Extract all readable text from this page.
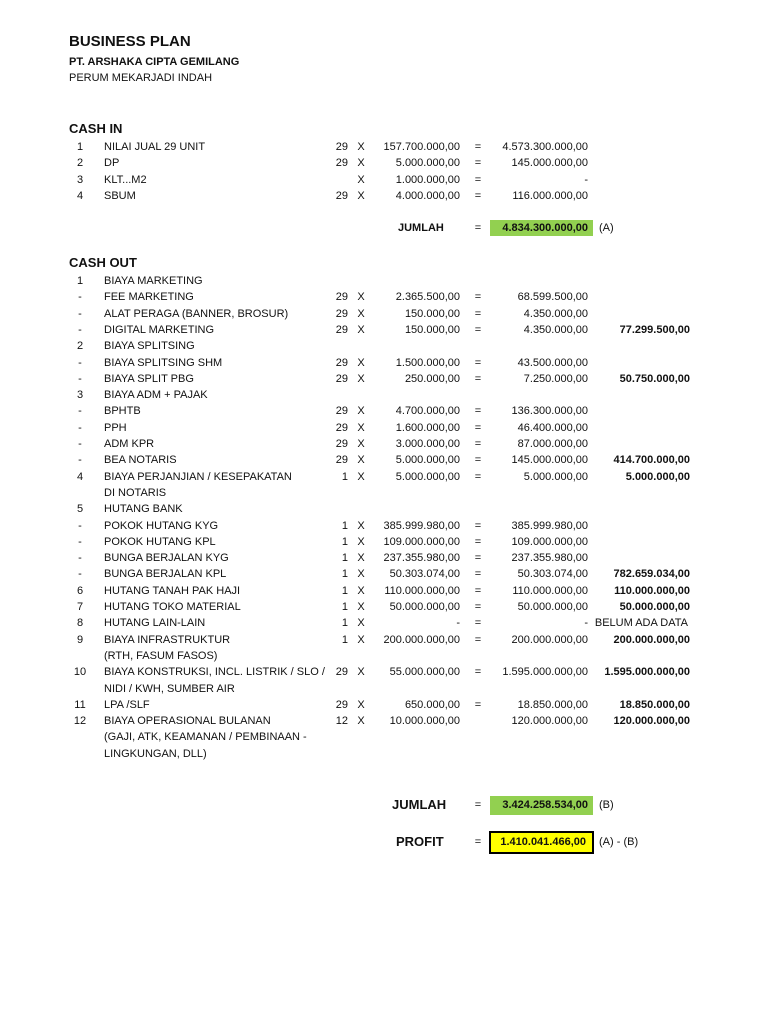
BUSINESS PLAN
PT. ARSHAKA CIPTA GEMILANG
PERUM MEKARJADI INDAH
CASH IN
1	NILAI JUAL 29 UNIT	29 X	157.700.000,00	=	4.573.300.000,00
2	DP	29 X	5.000.000,00	=	145.000.000,00
3	KLT...M2	X	1.000.000,00	=	-
4	SBUM	29 X	4.000.000,00	=	116.000.000,00
JUMLAH	=	4.834.300.000,00	(A)
CASH OUT
1	BIAYA MARKETING
-	FEE MARKETING	29 X	2.365.500,00	=	68.599.500,00
-	ALAT PERAGA (BANNER, BROSUR)	29 X	150.000,00	=	4.350.000,00
-	DIGITAL MARKETING	29 X	150.000,00	=	4.350.000,00	77.299.500,00
2	BIAYA SPLITSING
-	BIAYA SPLITSING SHM	29 X	1.500.000,00	=	43.500.000,00
-	BIAYA SPLIT PBG	29 X	250.000,00	=	7.250.000,00	50.750.000,00
3	BIAYA ADM + PAJAK
-	BPHTB	29 X	4.700.000,00	=	136.300.000,00
-	PPH	29 X	1.600.000,00	=	46.400.000,00
-	ADM KPR	29 X	3.000.000,00	=	87.000.000,00
-	BEA NOTARIS	29 X	5.000.000,00	=	145.000.000,00	414.700.000,00
4	BIAYA PERJANJIAN / KESEPAKATAN	1 X	5.000.000,00	=	5.000.000,00	5.000.000,00
DI NOTARIS
5	HUTANG BANK
-	POKOK HUTANG KYG	1 X	385.999.980,00	=	385.999.980,00
-	POKOK HUTANG KPL	1 X	109.000.000,00	=	109.000.000,00
-	BUNGA BERJALAN KYG	1 X	237.355.980,00	=	237.355.980,00
-	BUNGA BERJALAN KPL	1 X	50.303.074,00	=	50.303.074,00	782.659.034,00
6	HUTANG TANAH PAK HAJI	1 X	110.000.000,00	=	110.000.000,00	110.000.000,00
7	HUTANG TOKO MATERIAL	1 X	50.000.000,00	=	50.000.000,00	50.000.000,00
8	HUTANG LAIN-LAIN	1 X	-	=	- BELUM ADA DATA
9	BIAYA INFRASTRUKTUR	1 X	200.000.000,00	=	200.000.000,00	200.000.000,00
(RTH, FASUM FASOS)
10	BIAYA KONSTRUKSI, INCL. LISTRIK / SLO / 29 X	55.000.000,00	=	1.595.000.000,00	1.595.000.000,00
NIDI / KWH, SUMBER AIR
11	LPA /SLF	29 X	650.000,00	=	18.850.000,00	18.850.000,00
12	BIAYA OPERASIONAL BULANAN	12 X	10.000.000,00	120.000.000,00	120.000.000,00
(GAJI, ATK, KEAMANAN / PEMBINAAN -
LINGKUNGAN, DLL)
JUMLAH	=	3.424.258.534,00	(B)
PROFIT	=	1.410.041.466,00	(A) - (B)
